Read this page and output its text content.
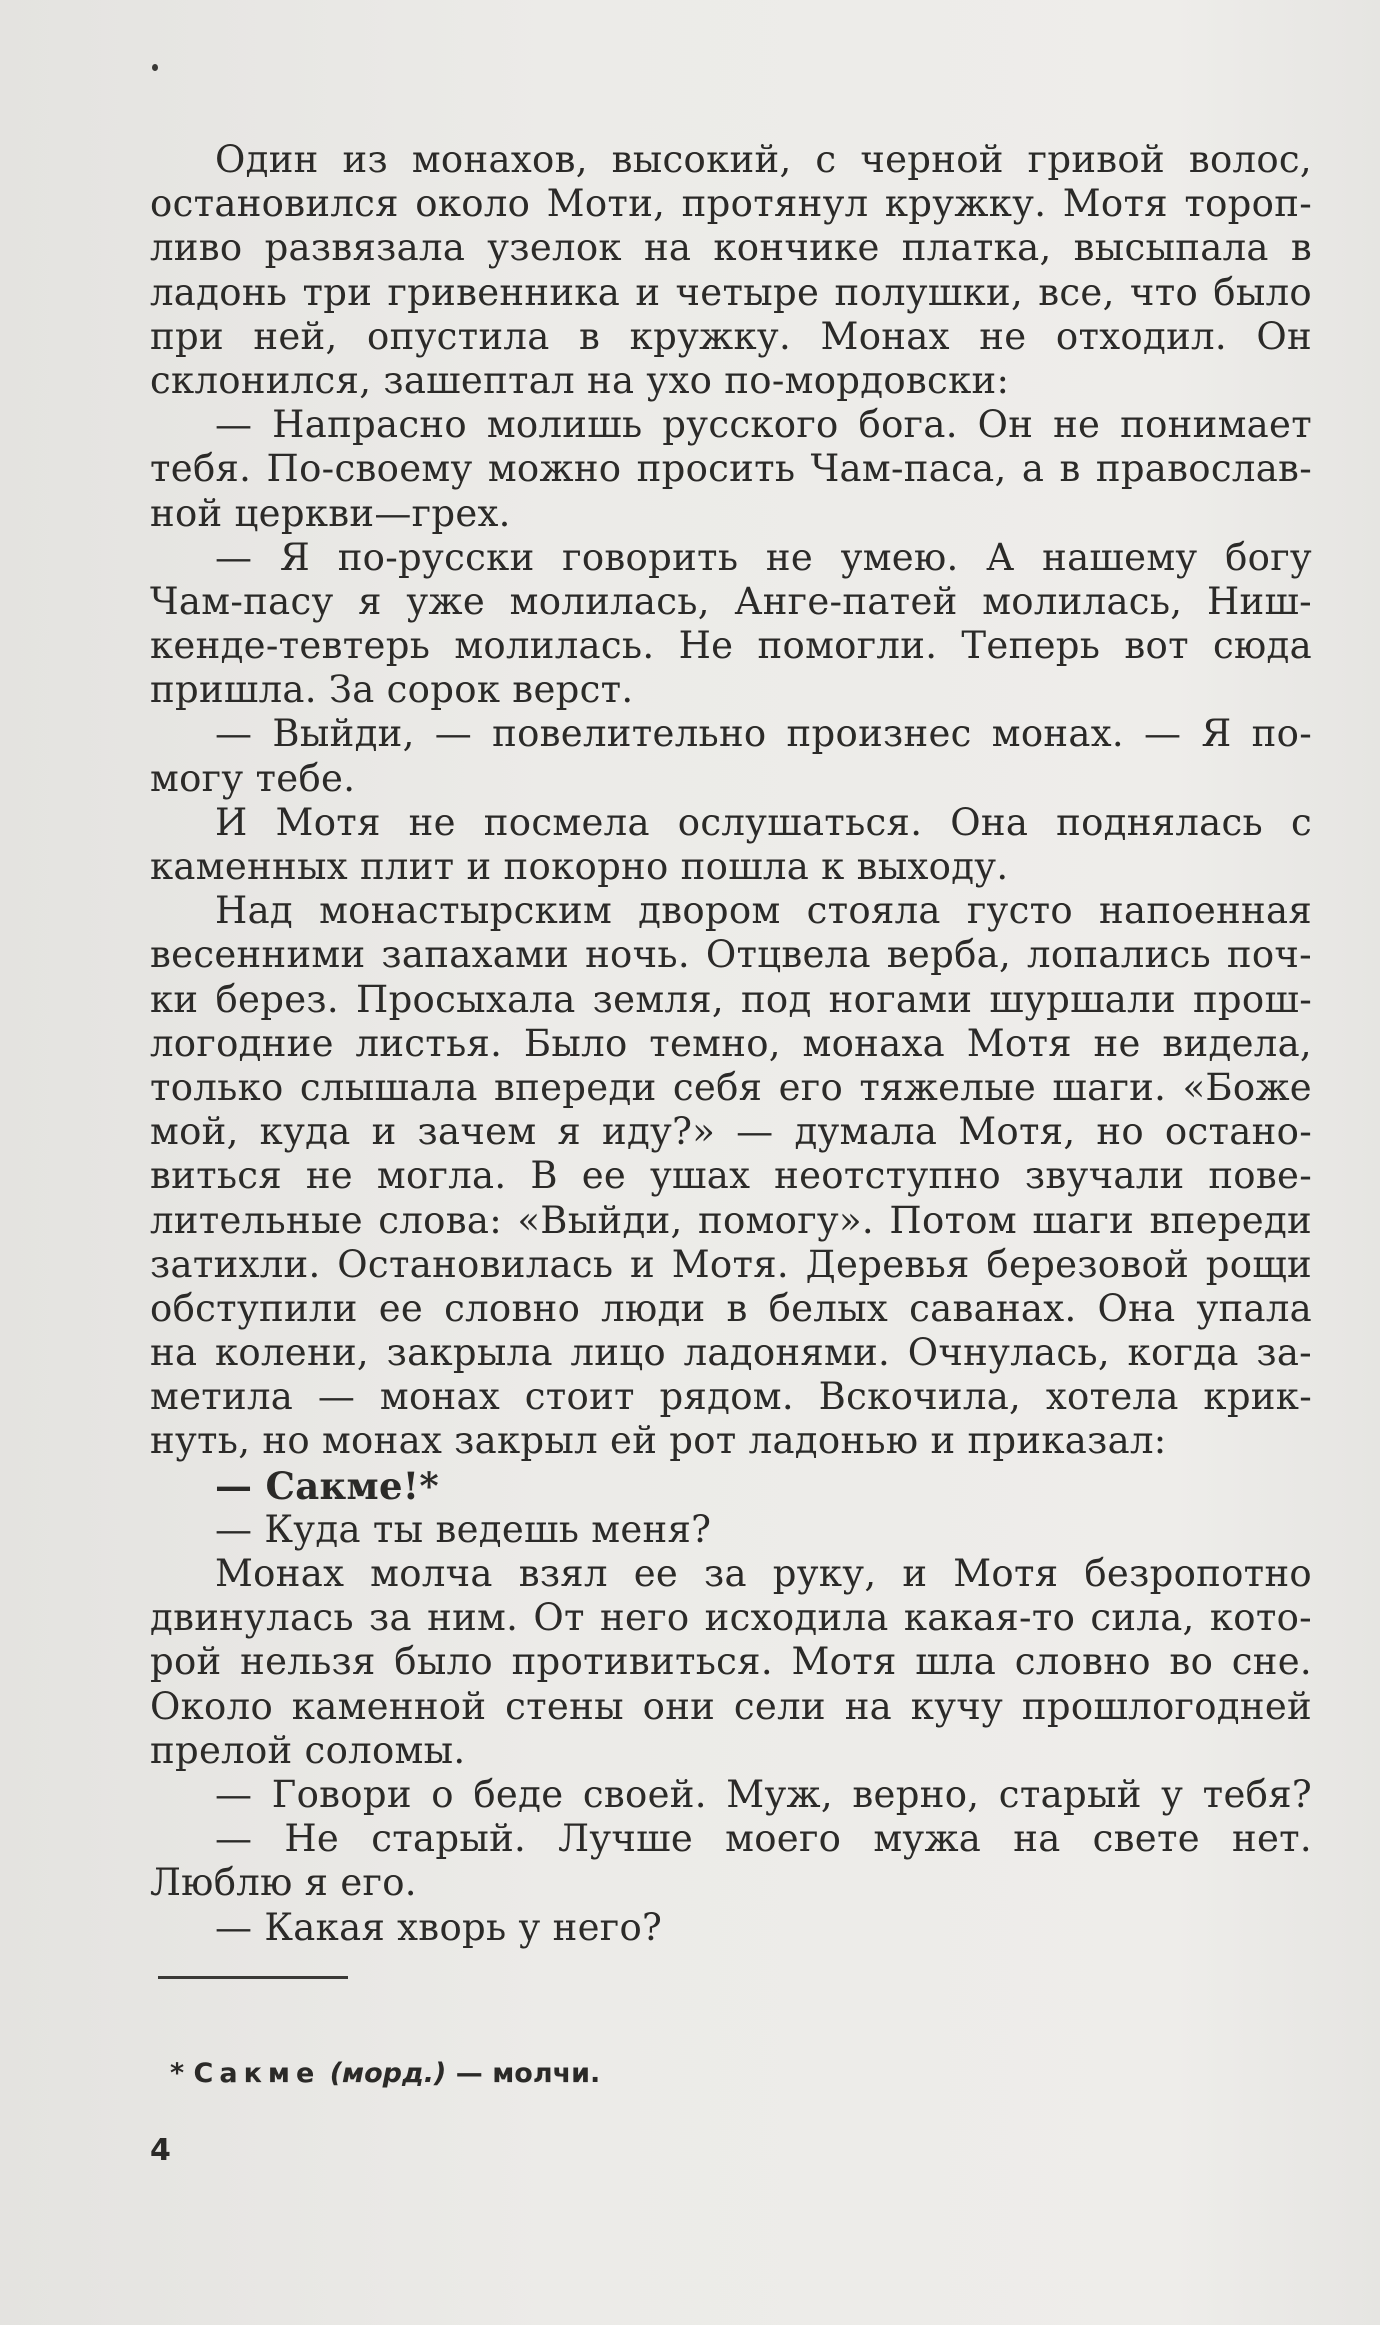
Один из монахов, высокий, с черной гривой волос,
остановился около Моти, протянул кружку. Мотя тороп-
ливо развязала узелок на кончике платка, высыпала в
ладонь три гривенника и четыре полушки, все, что было
при ней, опустила в кружку. Монах не отходил. Он
склонился, зашептал на ухо по-мордовски:
— Напрасно молишь русского бога. Он не понимает
тебя. По-своему можно просить Чам-паса, а в православ-
ной церкви—грех.
— Я по-русски говорить не умею. А нашему богу
Чам-пасу я уже молилась, Анге-патей молилась, Ниш-
кенде-тевтерь молилась. Не помогли. Теперь вот сюда
пришла. За сорок верст.
— Выйди, — повелительно произнес монах. — Я по-
могу тебе.
И Мотя не посмела ослушаться. Она поднялась с
каменных плит и покорно пошла к выходу.
Над монастырским двором стояла густо напоенная
весенними запахами ночь. Отцвела верба, лопались поч-
ки берез. Просыхала земля, под ногами шуршали прош-
логодние листья. Было темно, монаха Мотя не видела,
только слышала впереди себя его тяжелые шаги. «Боже
мой, куда и зачем я иду?» — думала Мотя, но остано-
виться не могла. В ее ушах неотступно звучали пове-
лительные слова: «Выйди, помогу». Потом шаги впереди
затихли. Остановилась и Мотя. Деревья березовой рощи
обступили ее словно люди в белых саванах. Она упала
на колени, закрыла лицо ладонями. Очнулась, когда за-
метила — монах стоит рядом. Вскочила, хотела крик-
нуть, но монах закрыл ей рот ладонью и приказал:
— Сакме!*
— Куда ты ведешь меня?
Монах молча взял ее за руку, и Мотя безропотно
двинулась за ним. От него исходила какая-то сила, кото-
рой нельзя было противиться. Мотя шла словно во сне.
Около каменной стены они сели на кучу прошлогодней
прелой соломы.
— Говори о беде своей. Муж, верно, старый у тебя?
— Не старый. Лучше моего мужа на свете нет.
Люблю я его.
— Какая хворь у него?
* Сакме (морд.) — молчи.
4
